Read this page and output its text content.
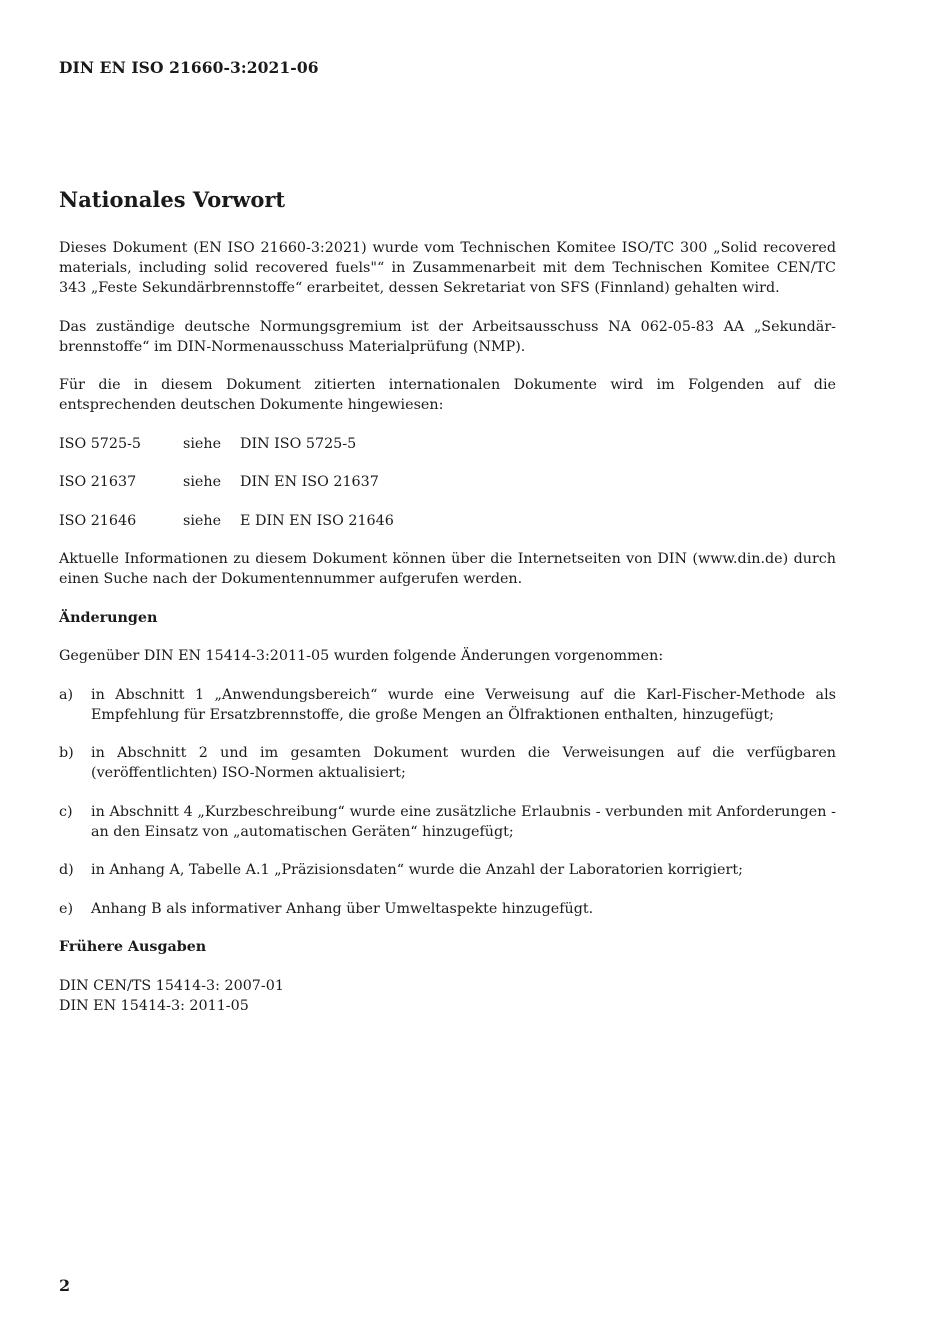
DIN EN ISO 21660-3:2021-06
Nationales Vorwort

Dieses Dokument (EN ISO 21660-3:2021) wurde vom Technischen Komitee ISO/TC 300 „Solid recovered materials, including solid recovered fuels"“ in Zusammenarbeit mit dem Technischen Komitee CEN/TC 343 „Feste Sekundärbrennstoffe“ erarbeitet, dessen Sekretariat von SFS (Finnland) gehalten wird.

Das zuständige deutsche Normungsgremium ist der Arbeitsausschuss NA 062-05-83 AA „Sekundärbrennstoffe“ im DIN-Normenausschuss Materialprüfung (NMP).

Für die in diesem Dokument zitierten internationalen Dokumente wird im Folgenden auf die entsprechenden deutschen Dokumente hingewiesen:

ISO 5725-5	siehe	DIN ISO 5725-5
ISO 21637	siehe	DIN EN ISO 21637
ISO 21646	siehe	E DIN EN ISO 21646

Aktuelle Informationen zu diesem Dokument können über die Internetseiten von DIN (www.din.de) durch einen Suche nach der Dokumentennummer aufgerufen werden.

Änderungen

Gegenüber DIN EN 15414-3:2011-05 wurden folgende Änderungen vorgenommen:

a)	in Abschnitt 1 „Anwendungsbereich“ wurde eine Verweisung auf die Karl-Fischer-Methode als Empfehlung für Ersatzbrennstoffe, die große Mengen an Ölfraktionen enthalten, hinzugefügt;
b)	in Abschnitt 2 und im gesamten Dokument wurden die Verweisungen auf die verfügbaren (veröffentlichten) ISO-Normen aktualisiert;
c)	in Abschnitt 4 „Kurzbeschreibung“ wurde eine zusätzliche Erlaubnis - verbunden mit Anforderungen - an den Einsatz von „automatischen Geräten“ hinzugefügt;
d)	in Anhang A, Tabelle A.1 „Präzisionsdaten“ wurde die Anzahl der Laboratorien korrigiert;
e)	Anhang B als informativer Anhang über Umweltaspekte hinzugefügt.
Frühere Ausgaben
DIN CEN/TS 15414-3: 2007-01
DIN EN 15414-3: 2011-05
2
